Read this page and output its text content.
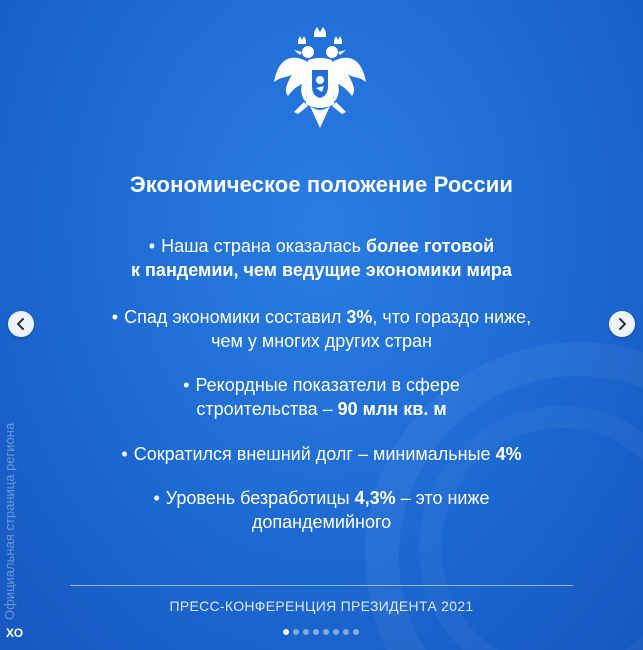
Экономическое положение России
• Наша страна оказалась более готовой
к пандемии, чем ведущие экономики мира
• Спад экономики составил 3%, что гораздо ниже,
чем у многих других стран
• Рекордные показатели в сфере
строительства – 90 млн кв. м
• Сократился внешний долг – минимальные 4%
• Уровень безработицы 4,3% – это ниже
допандемийного
ПРЕСС-КОНФЕРЕНЦИЯ ПРЕЗИДЕНТА 2021
Официальная страница региона
ХО
